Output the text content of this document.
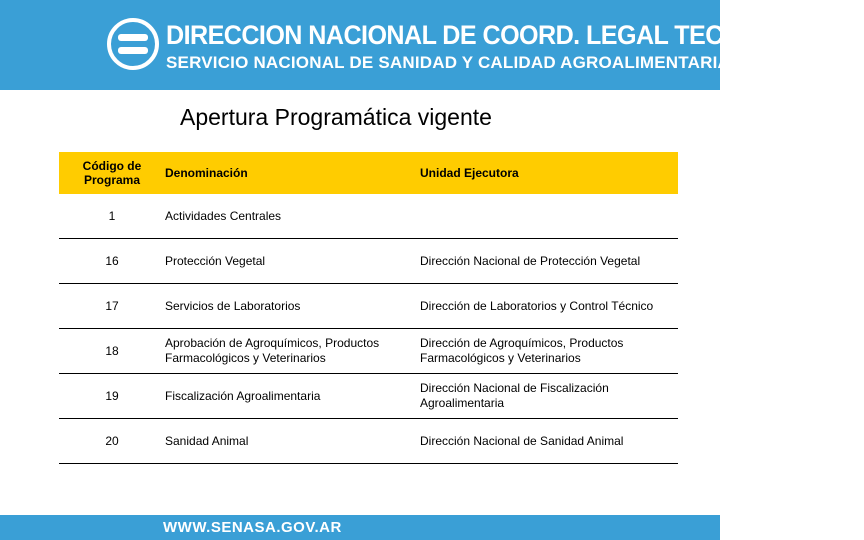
DIRECCION NACIONAL DE COORD. LEGAL TECNICA Y ADM
SERVICIO NACIONAL DE SANIDAD Y CALIDAD AGROALIMENTARIA
Apertura Programática vigente
Código de Programa	Denominación	Unidad Ejecutora
1	Actividades Centrales	
16	Protección Vegetal	Dirección Nacional de Protección Vegetal
17	Servicios de Laboratorios	Dirección de Laboratorios y Control Técnico
18	Aprobación de Agroquímicos, Productos Farmacológicos y Veterinarios	Dirección de Agroquímicos, Productos Farmacológicos y Veterinarios
19	Fiscalización Agroalimentaria	Dirección Nacional de Fiscalización Agroalimentaria
20	Sanidad Animal	Dirección Nacional de Sanidad Animal
WWW.SENASA.GOV.AR
